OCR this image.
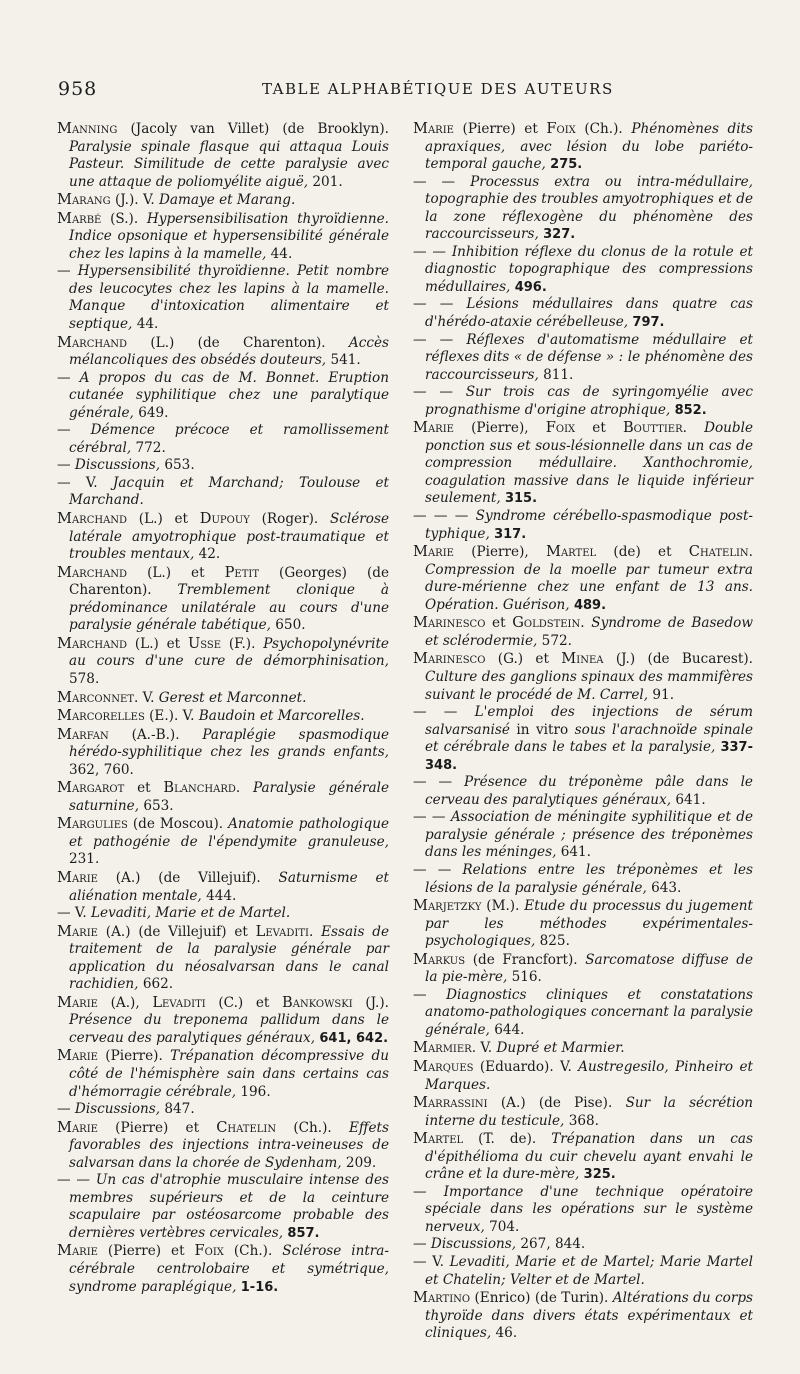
958	TABLE ALPHABÉTIQUE DES AUTEURS
Manning (Jacoly van Villet) (de Brooklyn). Paralysie spinale flasque qui attaqua Louis Pasteur. Similitude de cette paralysie avec une attaque de poliomyélite aiguë, 201.
Marang (J.). V. Damaye et Marang.
Marbé (S.). Hypersensibilisation thyroïdienne. Indice opsonique et hypersensibilité générale chez les lapins à la mamelle, 44.
— Hypersensibilité thyroïdienne. Petit nombre des leucocytes chez les lapins à la mamelle. Manque d'intoxication alimentaire et septique, 44.
Marchand (L.) (de Charenton). Accès mélancoliques des obsédés douteurs, 541.
— A propos du cas de M. Bonnet. Eruption cutanée syphilitique chez une paralytique générale, 649.
— Démence précoce et ramollissement cérébral, 772.
— Discussions, 653.
— V. Jacquin et Marchand; Toulouse et Marchand.
Marchand (L.) et Dupouy (Roger). Sclérose latérale amyotrophique post-traumatique et troubles mentaux, 42.
Marchand (L.) et Petit (Georges) (de Charenton). Tremblement clonique à prédominance unilatérale au cours d'une paralysie générale tabétique, 650.
Marchand (L.) et Usse (F.). Psychopolynévrite au cours d'une cure de démorphinisation, 578.
Marconnet. V. Gerest et Marconnet.
Marcorelles (E.). V. Baudoin et Marcorelles.
Marfan (A.-B.). Paraplégie spasmodique hérédo-syphilitique chez les grands enfants, 362, 760.
Margarot et Blanchard. Paralysie générale saturnine, 653.
Margulies (de Moscou). Anatomie pathologique et pathogénie de l'épendymite granuleuse, 231.
Marie (A.) (de Villejuif). Saturnisme et aliénation mentale, 444.
— V. Levaditi, Marie et de Martel.
Marie (A.) (de Villejuif) et Levaditi. Essais de traitement de la paralysie générale par application du néosalvarsan dans le canal rachidien, 662.
Marie (A.), Levaditi (C.) et Bankowski (J.). Présence du treponema pallidum dans le cerveau des paralytiques généraux, 641, 642.
Marie (Pierre). Trépanation décompressive du côté de l'hémisphère sain dans certains cas d'hémorragie cérébrale, 196.
— Discussions, 847.
Marie (Pierre) et Chatelin (Ch.). Effets favorables des injections intra-veineuses de salvarsan dans la chorée de Sydenham, 209.
— — Un cas d'atrophie musculaire intense des membres supérieurs et de la ceinture scapulaire par ostéosarcome probable des dernières vertèbres cervicales, 857.
Marie (Pierre) et Foix (Ch.). Sclérose intra-cérébrale centrolobaire et symétrique, syndrome paraplégique, 1-16.
Marie (Pierre) et Foix (Ch.). Phénomènes dits apraxiques, avec lésion du lobe pariéto-temporal gauche, 275.
— — Processus extra ou intra-médullaire, topographie des troubles amyotrophiques et de la zone réflexogène du phénomène des raccourcisseurs, 327.
— — Inhibition réflexe du clonus de la rotule et diagnostic topographique des compressions médullaires, 496.
— — Lésions médullaires dans quatre cas d'hérédo-ataxie cérébelleuse, 797.
— — Réflexes d'automatisme médullaire et réflexes dits « de défense » : le phénomène des raccourcisseurs, 811.
— — Sur trois cas de syringomyélie avec prognathisme d'origine atrophique, 852.
Marie (Pierre), Foix et Bouttier. Double ponction sus et sous-lésionnelle dans un cas de compression médullaire. Xanthochromie, coagulation massive dans le liquide inférieur seulement, 315.
— — — Syndrome cérébello-spasmodique post-typhique, 317.
Marie (Pierre), Martel (de) et Chatelin. Compression de la moelle par tumeur extra dure-mérienne chez une enfant de 13 ans. Opération. Guérison, 489.
Marinesco et Goldstein. Syndrome de Basedow et sclérodermie, 572.
Marinesco (G.) et Minea (J.) (de Bucarest). Culture des ganglions spinaux des mammifères suivant le procédé de M. Carrel, 91.
— — L'emploi des injections de sérum salvarsanisé in vitro sous l'arachnoïde spinale et cérébrale dans le tabes et la paralysie, 337-348.
— — Présence du tréponème pâle dans le cerveau des paralytiques généraux, 641.
— — Association de méningite syphilitique et de paralysie générale ; présence des tréponèmes dans les méninges, 641.
— — Relations entre les tréponèmes et les lésions de la paralysie générale, 643.
Marjetzky (M.). Etude du processus du jugement par les méthodes expérimentales-psychologiques, 825.
Markus (de Francfort). Sarcomatose diffuse de la pie-mère, 516.
— Diagnostics cliniques et constatations anatomo-pathologiques concernant la paralysie générale, 644.
Marmier. V. Dupré et Marmier.
Marques (Eduardo). V. Austregesilo, Pinheiro et Marques.
Marrassini (A.) (de Pise). Sur la sécrétion interne du testicule, 368.
Martel (T. de). Trépanation dans un cas d'épithélioma du cuir chevelu ayant envahi le crâne et la dure-mère, 325.
— Importance d'une technique opératoire spéciale dans les opérations sur le système nerveux, 704.
— Discussions, 267, 844.
— V. Levaditi, Marie et de Martel; Marie Martel et Chatelin; Velter et de Martel.
Martino (Enrico) (de Turin). Altérations du corps thyroïde dans divers états expérimentaux et cliniques, 46.
